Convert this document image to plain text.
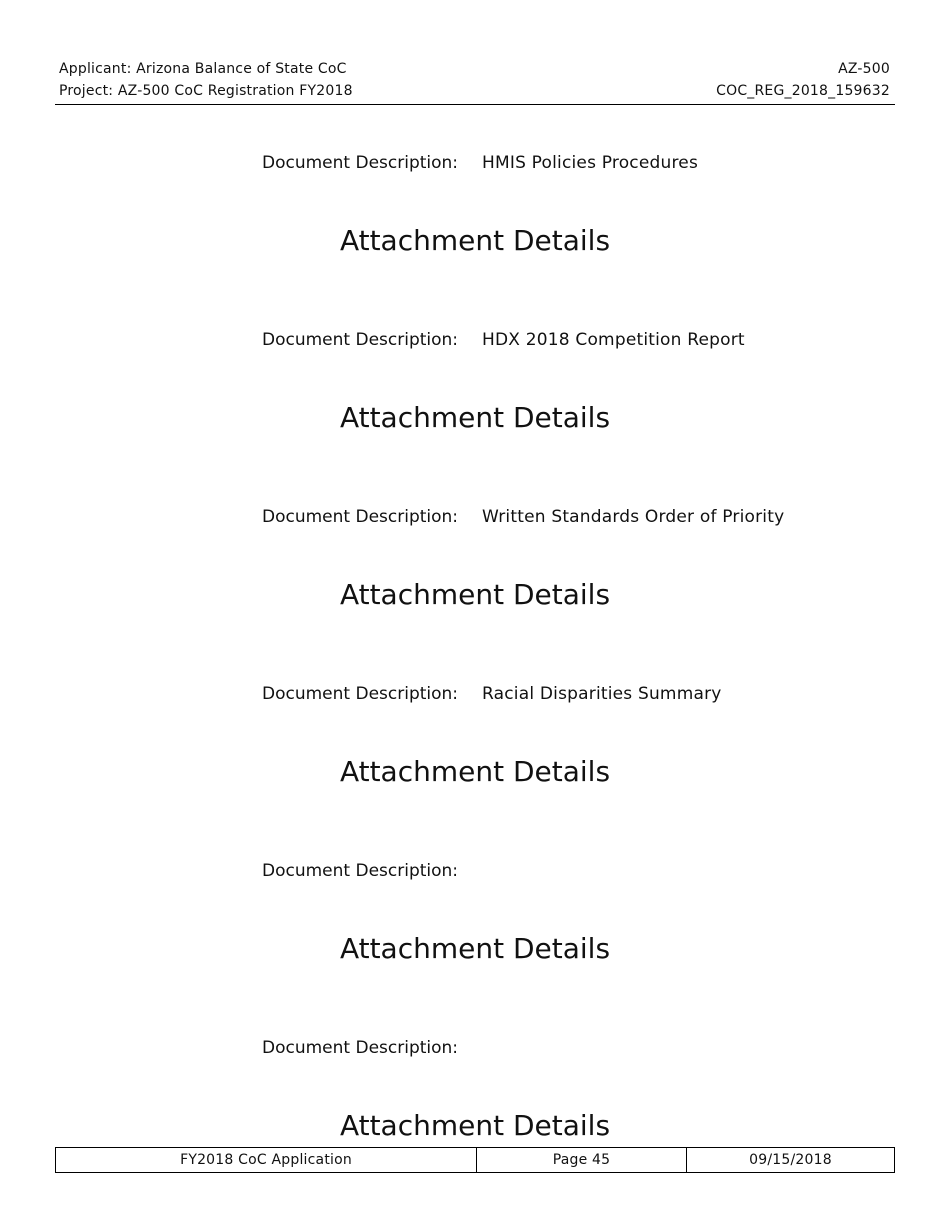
Applicant: Arizona Balance of State CoC
Project: AZ-500 CoC Registration FY2018
AZ-500
COC_REG_2018_159632
Document Description: HMIS Policies Procedures
Attachment Details
Document Description: HDX 2018 Competition Report
Attachment Details
Document Description: Written Standards Order of Priority
Attachment Details
Document Description: Racial Disparities Summary
Attachment Details
Document Description:
Attachment Details
Document Description:
Attachment Details
FY2018 CoC Application	Page 45	09/15/2018
